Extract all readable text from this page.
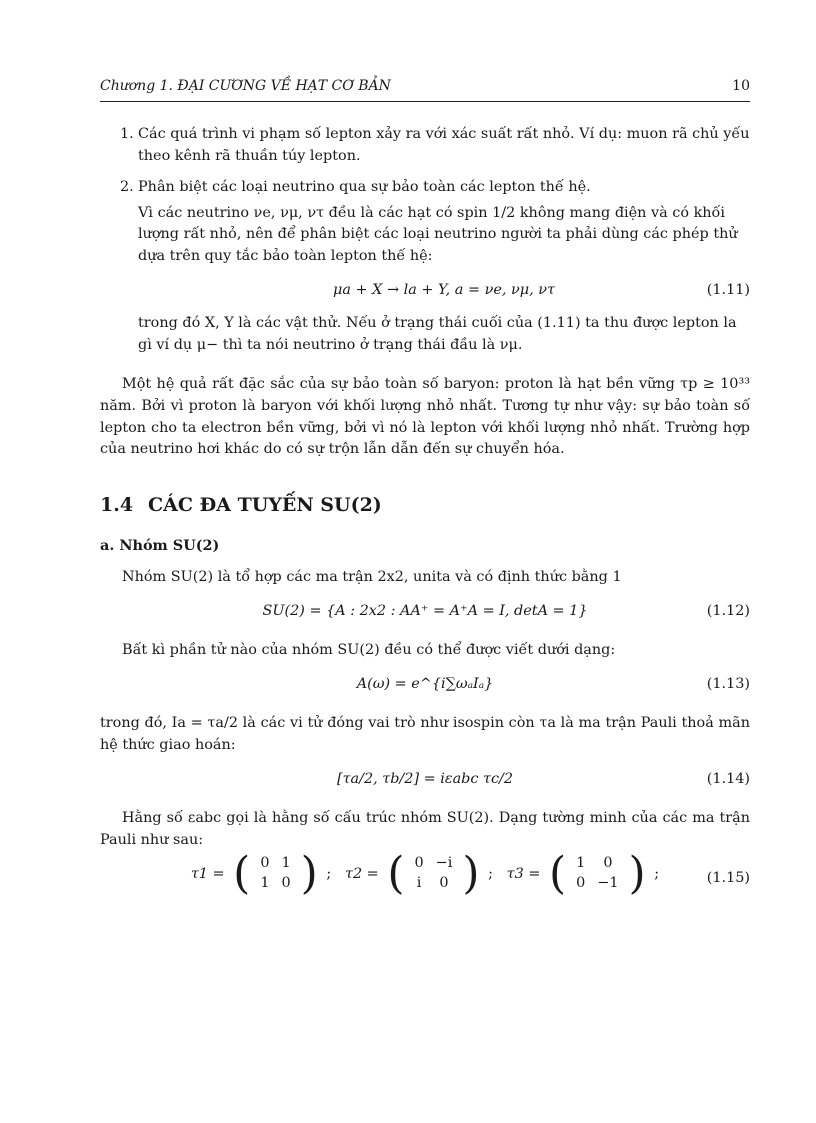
Chương 1. ĐẠI CƯƠNG VỀ HẠT CƠ BẢN	10
1. Các quá trình vi phạm số lepton xảy ra với xác suất rất nhỏ. Ví dụ: muon rã chủ yếu theo kênh rã thuần túy lepton.
2. Phân biệt các loại neutrino qua sự bảo toàn các lepton thế hệ.

Vì các neutrino νe, νμ, ντ đều là các hạt có spin 1/2 không mang điện và có khối lượng rất nhỏ, nên để phân biệt các loại neutrino người ta phải dùng các phép thử dựa trên quy tắc bảo toàn lepton thế hệ:

μa + X → la + Y, a = νe, νμ, ντ	(1.11)

trong đó X, Y là các vật thử. Nếu ở trạng thái cuối của (1.11) ta thu được lepton la gì ví dụ μ− thì ta nói neutrino ở trạng thái đầu là νμ.

Một hệ quả rất đặc sắc của sự bảo toàn số baryon: proton là hạt bền vững τp ≥ 10³³ năm. Bởi vì proton là baryon với khối lượng nhỏ nhất. Tương tự như vậy: sự bảo toàn số lepton cho ta electron bền vững, bởi vì nó là lepton với khối lượng nhỏ nhất. Trường hợp của neutrino hơi khác do có sự trộn lẫn dẫn đến sự chuyển hóa.

1.4 CÁC ĐA TUYẾN SU(2)
a. Nhóm SU(2)

Nhóm SU(2) là tổ hợp các ma trận 2x2, unita và có định thức bằng 1

SU(2) = {A : 2x2 : AA⁺ = A⁺A = I, detA = 1}	(1.12)

Bất kì phần tử nào của nhóm SU(2) đều có thể được viết dưới dạng:

A(ω) = e^{i∑ωₐIₐ}	(1.13)

trong đó, Ia = τa/2 là các vi tử đóng vai trò như isospin còn τa là ma trận Pauli thoả mãn hệ thức giao hoán:

[τa/2, τb/2] = iεabc τc/2	(1.14)

Hằng số εabc gọi là hằng số cấu trúc nhóm SU(2). Dạng tường minh của các ma trận Pauli như sau:

τ1 = ( 0	1
1	0 ) ;   τ2 = ( 0	−i
i	0 ) ;   τ3 = ( 1	0
0	−1 ) ;	(1.15)
